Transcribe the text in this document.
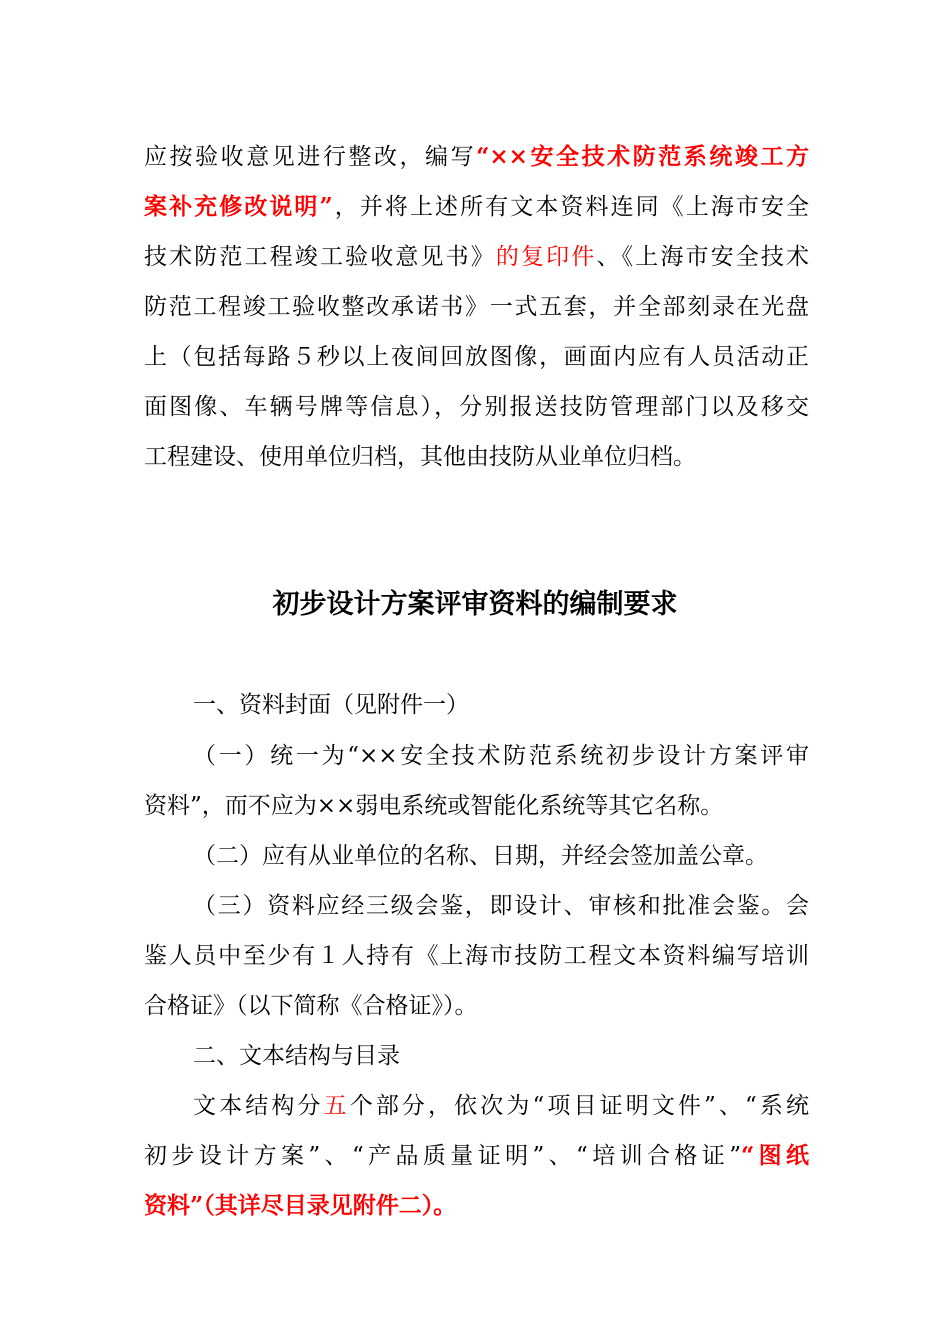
应按验收意见进行整改，编写“××安全技术防范系统竣工方
案补充修改说明”，并将上述所有文本资料连同《上海市安全
技术防范工程竣工验收意见书》的复印件、《上海市安全技术
防范工程竣工验收整改承诺书》一式五套，并全部刻录在光盘
上（包括每路５秒以上夜间回放图像，画面内应有人员活动正
面图像、车辆号牌等信息），分别报送技防管理部门以及移交
工程建设、使用单位归档，其他由技防从业单位归档。
初步设计方案评审资料的编制要求
一、资料封面（见附件一）
（一）统一为“××安全技术防范系统初步设计方案评审
资料”，而不应为××弱电系统或智能化系统等其它名称。
（二）应有从业单位的名称、日期，并经会签加盖公章。
（三）资料应经三级会鉴，即设计、审核和批准会鉴。会
鉴人员中至少有１人持有《上海市技防工程文本资料编写培训
合格证》（以下简称《合格证》）。
二、文本结构与目录
文本结构分五个部分，依次为“项目证明文件”、“系统
初步设计方案”、“产品质量证明”、“培训合格证”“图纸
资料”（其详尽目录见附件二）。
